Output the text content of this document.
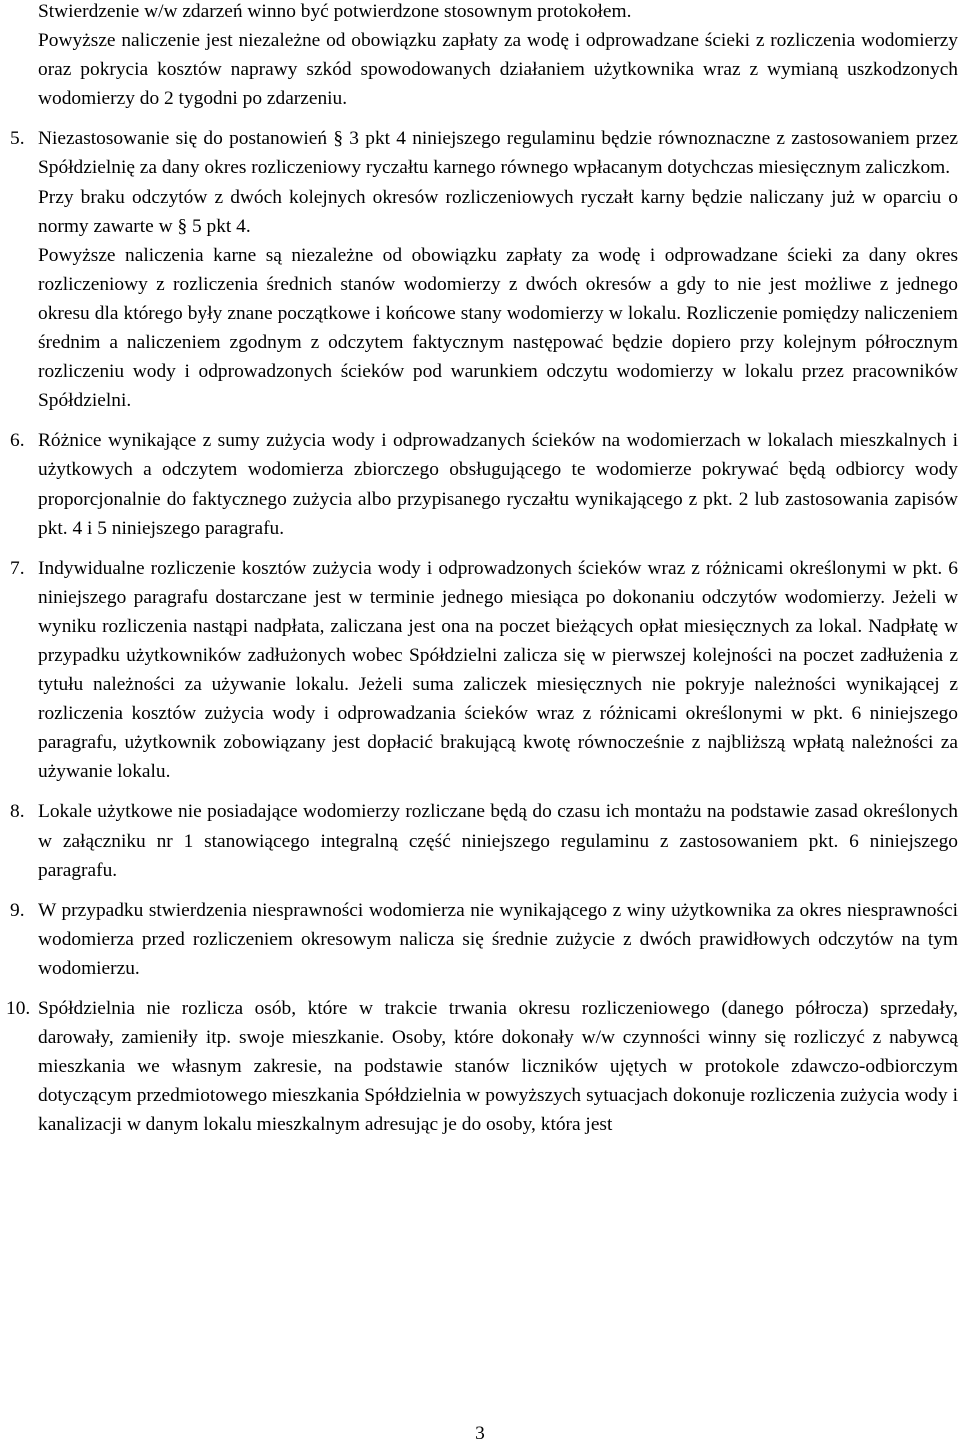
Stwierdzenie w/w zdarzeń winno być potwierdzone stosownym protokołem.

Powyższe naliczenie jest niezależne od obowiązku zapłaty za wodę i odprowadzane ścieki z rozliczenia wodomierzy oraz pokrycia kosztów naprawy szkód spowodowanych działaniem użytkownika wraz z wymianą uszkodzonych wodomierzy do 2 tygodni po zdarzeniu.

5. Niezastosowanie się do postanowień § 3 pkt 4 niniejszego regulaminu będzie równoznaczne z zastosowaniem przez Spółdzielnię za dany okres rozliczeniowy ryczałtu karnego równego wpłacanym dotychczas miesięcznym zaliczkom.

Przy braku odczytów z dwóch kolejnych okresów rozliczeniowych ryczałt karny będzie naliczany już w oparciu o normy zawarte w § 5 pkt 4.

Powyższe naliczenia karne są niezależne od obowiązku zapłaty za wodę i odprowadzane ścieki za dany okres rozliczeniowy z rozliczenia średnich stanów wodomierzy z dwóch okresów a gdy to nie jest możliwe z jednego okresu dla którego były znane początkowe i końcowe stany wodomierzy w lokalu. Rozliczenie pomiędzy naliczeniem średnim a naliczeniem zgodnym z odczytem faktycznym następować będzie dopiero przy kolejnym półrocznym rozliczeniu wody i odprowadzonych ścieków pod warunkiem odczytu wodomierzy w lokalu przez pracowników Spółdzielni.

6. Różnice wynikające z sumy zużycia wody i odprowadzanych ścieków na wodomierzach w lokalach mieszkalnych i użytkowych a odczytem wodomierza zbiorczego obsługującego te wodomierze pokrywać będą odbiorcy wody proporcjonalnie do faktycznego zużycia albo przypisanego ryczałtu wynikającego z pkt. 2 lub zastosowania zapisów pkt. 4 i 5 niniejszego paragrafu.

7. Indywidualne rozliczenie kosztów zużycia wody i odprowadzonych ścieków wraz z różnicami określonymi w pkt. 6 niniejszego paragrafu dostarczane jest w terminie jednego miesiąca po dokonaniu odczytów wodomierzy. Jeżeli w wyniku rozliczenia nastąpi nadpłata, zaliczana jest ona na poczet bieżących opłat miesięcznych za lokal. Nadpłatę w przypadku użytkowników zadłużonych wobec Spółdzielni zalicza się w pierwszej kolejności na poczet zadłużenia z tytułu należności za używanie lokalu. Jeżeli suma zaliczek miesięcznych nie pokryje należności wynikającej z rozliczenia kosztów zużycia wody i odprowadzania ścieków wraz z różnicami określonymi w pkt. 6 niniejszego paragrafu, użytkownik zobowiązany jest dopłacić brakującą kwotę równocześnie z najbliższą wpłatą należności za używanie lokalu.

8. Lokale użytkowe nie posiadające wodomierzy rozliczane będą do czasu ich montażu na podstawie zasad określonych w załączniku nr 1 stanowiącego integralną część niniejszego regulaminu z zastosowaniem pkt. 6 niniejszego paragrafu.

9. W przypadku stwierdzenia niesprawności wodomierza nie wynikającego z winy użytkownika za okres niesprawności wodomierza przed rozliczeniem okresowym nalicza się średnie zużycie z dwóch prawidłowych odczytów na tym wodomierzu.

10. Spółdzielnia nie rozlicza osób, które w trakcie trwania okresu rozliczeniowego (danego półrocza) sprzedały, darowały, zamieniły itp. swoje mieszkanie. Osoby, które dokonały w/w czynności winny się rozliczyć z nabywcą mieszkania we własnym zakresie, na podstawie stanów liczników ujętych w protokole zdawczo-odbiorczym dotyczącym przedmiotowego mieszkania Spółdzielnia w powyższych sytuacjach dokonuje rozliczenia zużycia wody i kanalizacji w danym lokalu mieszkalnym adresując je do osoby, która jest

3
